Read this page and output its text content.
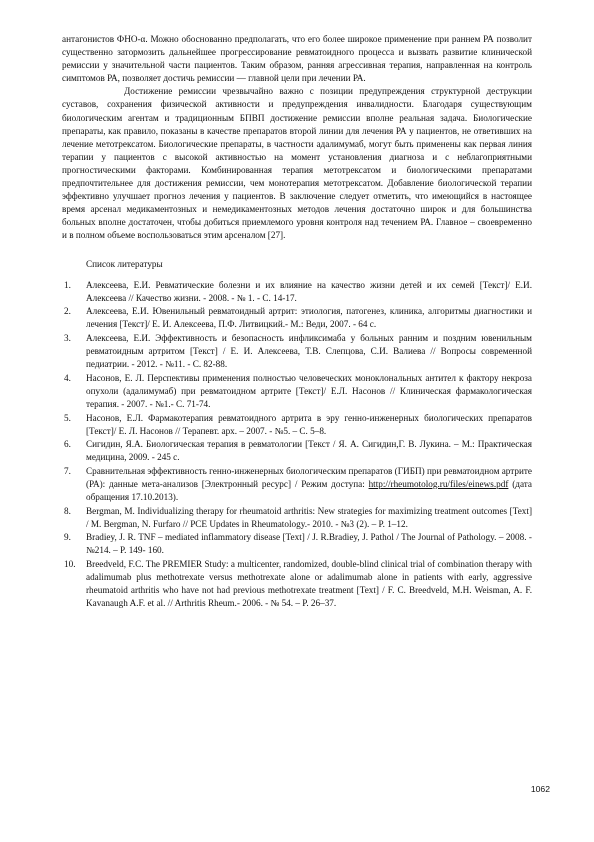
антагонистов ФНО-α. Можно обоснованно предполагать, что его более широкое применение при раннем РА позволит существенно затормозить дальнейшее прогрессирование ревматоидного процесса и вызвать развитие клинической ремиссии у значительной части пациентов. Таким образом, ранняя агрессивная терапия, направленная на контроль симптомов РА, позволяет достичь ремиссии — главной цели при лечении РА.

Достижение ремиссии чрезвычайно важно с позиции предупреждения структурной деструкции суставов, сохранения физической активности и предупреждения инвалидности. Благодаря существующим биологическим агентам и традиционным БПВП достижение ремиссии вполне реальная задача. Биологические препараты, как правило, показаны в качестве препаратов второй линии для лечения РА у пациентов, не ответивших на лечение метотрексатом. Биологические препараты, в частности адалимумаб, могут быть применены как первая линия терапии у пациентов с высокой активностью на момент установления диагноза и с неблагоприятными прогностическими факторами. Комбинированная терапия метотрексатом и биологическими препаратами предпочтительнее для достижения ремиссии, чем монотерапия метотрексатом. Добавление биологической терапии эффективно улучшает прогноз лечения у пациентов. В заключение следует отметить, что имеющийся в настоящее время арсенал медикаментозных и немедикаментозных методов лечения достаточно широк и для большинства больных вполне достаточен, чтобы добиться приемлемого уровня контроля над течением РА. Главное – своевременно и в полном объеме воспользоваться этим арсеналом [27].

Список литературы
1.	Алексеева, Е.И. Ревматические болезни и их влияние на качество жизни детей и их семей [Текст]/ Е.И. Алексеева // Качество жизни. - 2008. - № 1. - С. 14-17.
2.	Алексеева, Е.И. Ювенильный ревматоидный артрит: этиология, патогенез, клиника, алгоритмы диагностики и лечения [Текст]/ Е. И. Алексеева, П.Ф. Литвицкий.- М.: Веди, 2007. - 64 с.
3.	Алексеева, Е.И. Эффективность и безопасность инфликсимаба у больных ранним и поздним ювенильным ревматоидным артритом [Текст] / Е. И. Алексеева, Т.В. Слепцова, С.И. Валиева // Вопросы современной педиатрии. - 2012. - №11. - С. 82-88.
4.	Насонов, Е. Л. Перспективы применения полностью человеческих моноклональных антител к фактору некроза опухоли (адалимумаб) при ревматоидном артрите [Текст]/ Е.Л. Насонов // Клиническая фармакологическая терапия. - 2007. - №1.- С. 71-74.
5.	Насонов, Е.Л. Фармакотерапия ревматоидного артрита в эру генно-инженерных биологических препаратов [Текст]/ Е. Л. Насонов // Терапевт. арх. – 2007. - №5. – С. 5–8.
6.	Сигидин, Я.А. Биологическая терапия в ревматологии [Текст / Я. А. Сигидин,Г. В. Лукина. – М.: Практическая медицина, 2009. - 245 с.
7.	Сравнительная эффективность генно-инженерных биологическим препаратов (ГИБП) при ревматоидном артрите (РА): данные мета-анализов [Электронный ресурс] / Режим доступа: http://rheumotolog.ru/files/einews.pdf (дата обращения 17.10.2013).
8.	Bergman, M. Individualizing therapy for rheumatoid arthritis: New strategies for maximizing treatment outcomes [Text] / M. Bergman, N. Furfaro // PCE Updates in Rheumatology.- 2010. - №3 (2). – P. 1–12.
9.	Bradiey, J. R. TNF – mediated inflammatory disease [Text] / J. R.Bradiey, J. Pathol / The Journal of Pathology. – 2008. - №214. – P. 149- 160.
10.	Breedveld, F.C. The PREMIER Study: a multicenter, randomized, double-blind clinical trial of combination therapy with adalimumab plus methotrexate versus methotrexate alone or adalimumab alone in patients with early, aggressive rheumatoid arthritis who have not had previous methotrexate treatment [Text] / F. C. Breedveld, M.H. Weisman, A. F. Kavanaugh A.F. et al. // Arthritis Rheum.- 2006. - № 54. – P. 26–37.
1062
